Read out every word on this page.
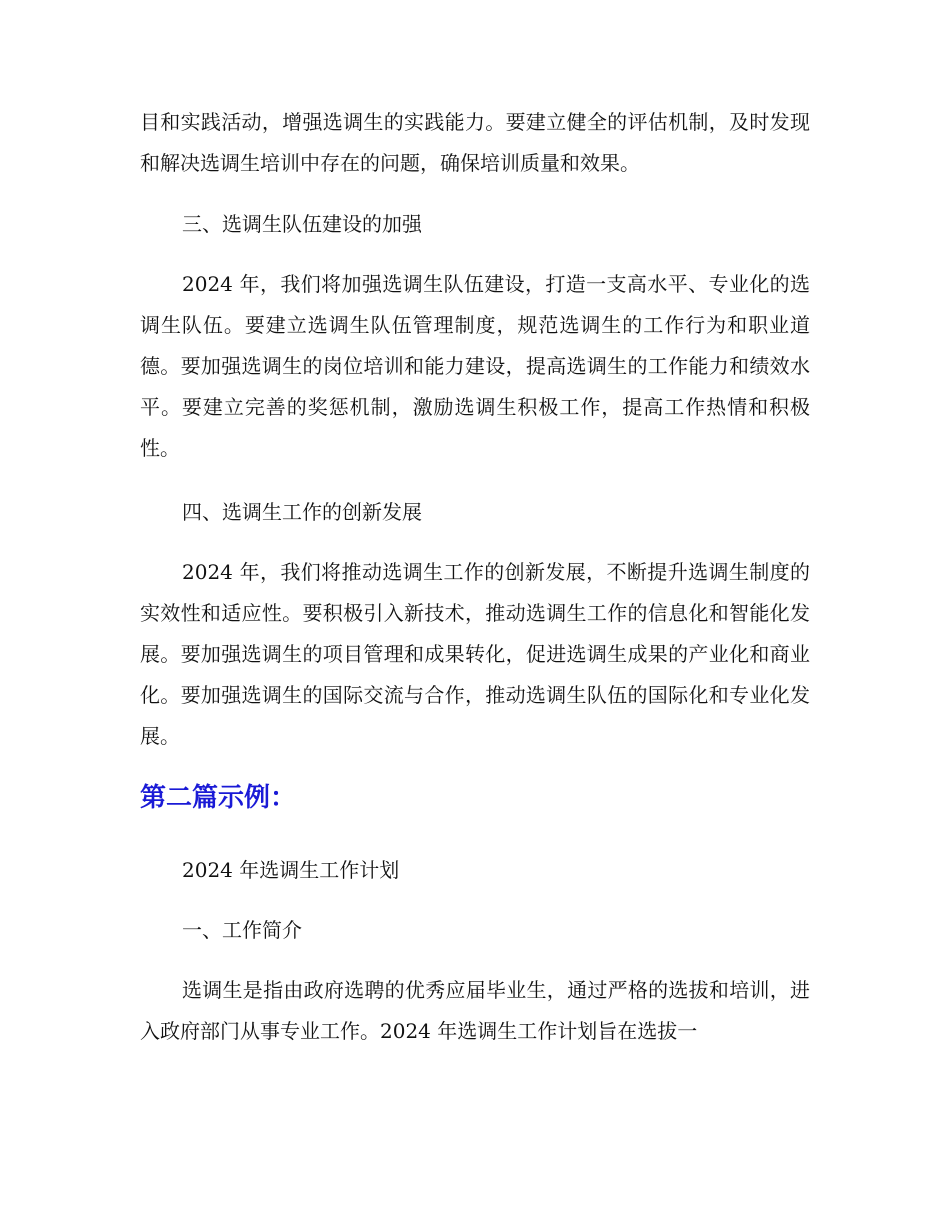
目和实践活动，增强选调生的实践能力。要建立健全的评估机制，及时发现和解决选调生培训中存在的问题，确保培训质量和效果。

三、选调生队伍建设的加强

2024 年，我们将加强选调生队伍建设，打造一支高水平、专业化的选调生队伍。要建立选调生队伍管理制度，规范选调生的工作行为和职业道德。要加强选调生的岗位培训和能力建设，提高选调生的工作能力和绩效水平。要建立完善的奖惩机制，激励选调生积极工作，提高工作热情和积极性。

四、选调生工作的创新发展

2024 年，我们将推动选调生工作的创新发展，不断提升选调生制度的实效性和适应性。要积极引入新技术，推动选调生工作的信息化和智能化发展。要加强选调生的项目管理和成果转化，促进选调生成果的产业化和商业化。要加强选调生的国际交流与合作，推动选调生队伍的国际化和专业化发展。

第二篇示例：

2024 年选调生工作计划

一、工作简介

选调生是指由政府选聘的优秀应届毕业生，通过严格的选拔和培训，进入政府部门从事专业工作。2024 年选调生工作计划旨在选拔一
